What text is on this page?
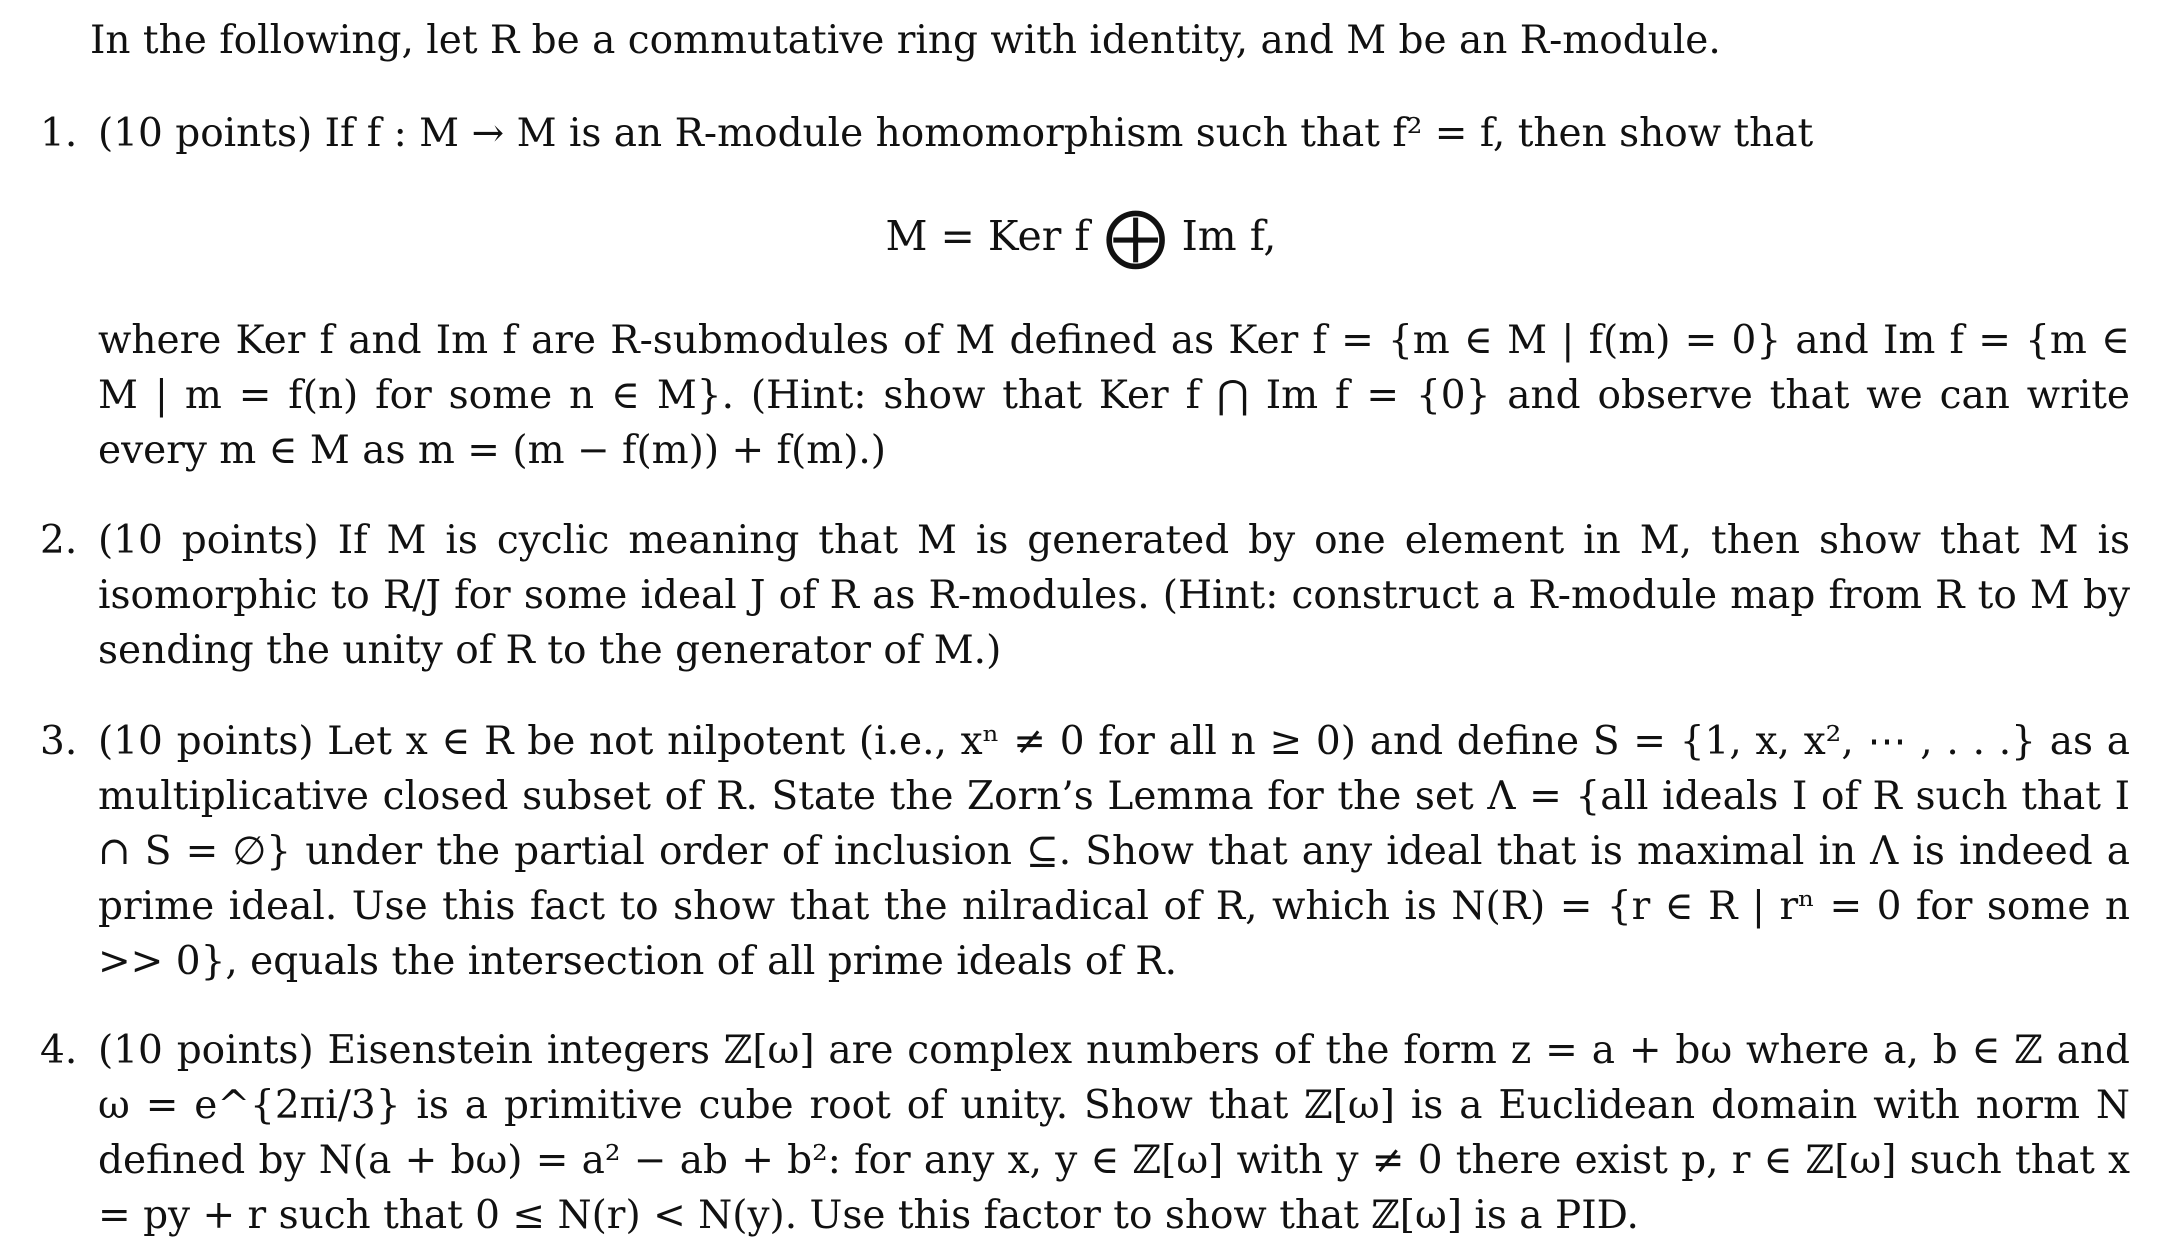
In the following, let R be a commutative ring with identity, and M be an R-module.
1. (10 points) If f : M → M is an R-module homomorphism such that f² = f, then show that
M = Ker f ⨁ Im f,
where Ker f and Im f are R-submodules of M defined as Ker f = {m ∈ M | f(m) = 0} and Im f = {m ∈ M | m = f(n) for some n ∈ M}. (Hint: show that Ker f ⋂ Im f = {0} and observe that we can write every m ∈ M as m = (m − f(m)) + f(m).)
2. (10 points) If M is cyclic meaning that M is generated by one element in M, then show that M is isomorphic to R/J for some ideal J of R as R-modules. (Hint: construct a R-module map from R to M by sending the unity of R to the generator of M.)
3. (10 points) Let x ∈ R be not nilpotent (i.e., xⁿ ≠ 0 for all n ≥ 0) and define S = {1, x, x², ⋯ , . . .} as a multiplicative closed subset of R. State the Zorn’s Lemma for the set Λ = {all ideals I of R such that I ∩ S = ∅} under the partial order of inclusion ⊆. Show that any ideal that is maximal in Λ is indeed a prime ideal. Use this fact to show that the nilradical of R, which is N(R) = {r ∈ R | rⁿ = 0 for some n >> 0}, equals the intersection of all prime ideals of R.
4. (10 points) Eisenstein integers ℤ[ω] are complex numbers of the form z = a + bω where a, b ∈ ℤ and ω = e^{2πi/3} is a primitive cube root of unity. Show that ℤ[ω] is a Euclidean domain with norm N defined by N(a + bω) = a² − ab + b²: for any x, y ∈ ℤ[ω] with y ≠ 0 there exist p, r ∈ ℤ[ω] such that x = py + r such that 0 ≤ N(r) < N(y). Use this factor to show that ℤ[ω] is a PID.
